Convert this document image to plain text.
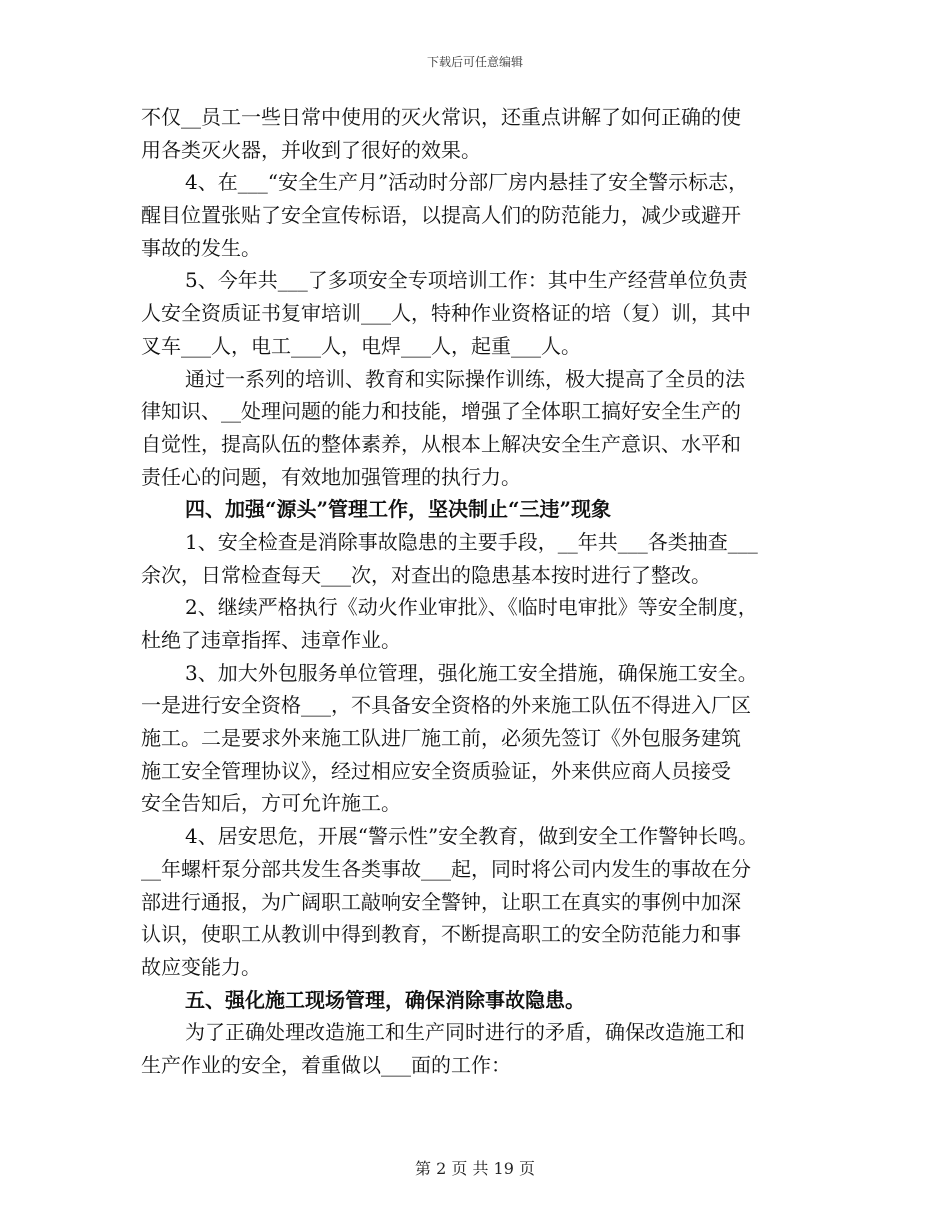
下载后可任意编辑
不仅__员工一些日常中使用的灭火常识，还重点讲解了如何正确的使
用各类灭火器，并收到了很好的效果。
4、在___“安全生产月”活动时分部厂房内悬挂了安全警示标志，
醒目位置张贴了安全宣传标语，以提高人们的防范能力，减少或避开
事故的发生。
5、今年共___了多项安全专项培训工作：其中生产经营单位负责
人安全资质证书复审培训___人，特种作业资格证的培（复）训，其中
叉车___人，电工___人，电焊___人，起重___人。
通过一系列的培训、教育和实际操作训练，极大提高了全员的法
律知识、__处理问题的能力和技能，增强了全体职工搞好安全生产的
自觉性，提高队伍的整体素养，从根本上解决安全生产意识、水平和
责任心的问题，有效地加强管理的执行力。
四、加强“源头”管理工作，坚决制止“三违”现象
1、安全检查是消除事故隐患的主要手段，__年共___各类抽查___
余次，日常检查每天___次，对查出的隐患基本按时进行了整改。
2、继续严格执行《动火作业审批》、《临时电审批》等安全制度，
杜绝了违章指挥、违章作业。
3、加大外包服务单位管理，强化施工安全措施，确保施工安全。
一是进行安全资格___，不具备安全资格的外来施工队伍不得进入厂区
施工。二是要求外来施工队进厂施工前，必须先签订《外包服务建筑
施工安全管理协议》，经过相应安全资质验证，外来供应商人员接受
安全告知后，方可允许施工。
4、居安思危，开展“警示性”安全教育，做到安全工作警钟长鸣。
__年螺杆泵分部共发生各类事故___起，同时将公司内发生的事故在分
部进行通报，为广阔职工敲响安全警钟，让职工在真实的事例中加深
认识，使职工从教训中得到教育，不断提高职工的安全防范能力和事
故应变能力。
五、强化施工现场管理，确保消除事故隐患。
为了正确处理改造施工和生产同时进行的矛盾，确保改造施工和
生产作业的安全，着重做以___面的工作：
第 2 页 共 19 页
